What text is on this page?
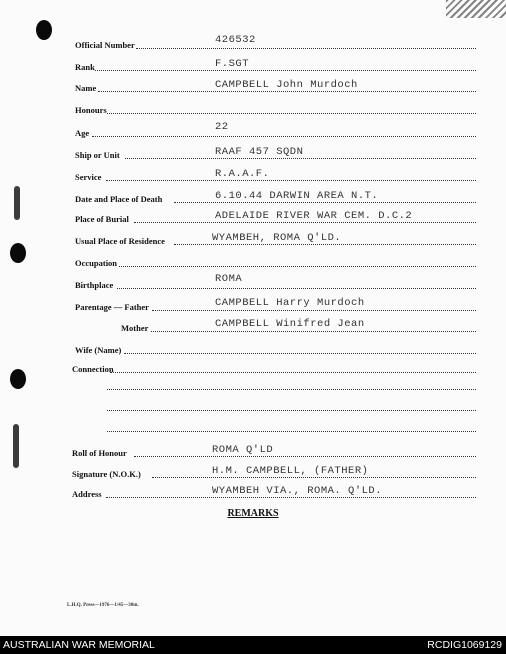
Official Number	426532
Rank	F.SGT
Name	CAMPBELL John Murdoch
Honours
Age	22
Ship or Unit	RAAF 457 SQDN
Service	R.A.A.F.
Date and Place of Death	6.10.44 DARWIN AREA N.T.
Place of Burial	ADELAIDE RIVER WAR CEM. D.C.2
Usual Place of Residence	WYAMBEH, ROMA Q'LD.
Occupation
Birthplace	ROMA
Parentage — Father	CAMPBELL Harry Murdoch
Mother	CAMPBELL Winifred Jean
Wife (Name)
Connection
Roll of Honour	ROMA Q'LD
Signature (N.O.K.)	H.M. CAMPBELL, (FATHER)
Address	WYAMBEH VIA., ROMA. Q'LD.
REMARKS
L.H.Q. Press—1976—1/45—30m.
AUSTRALIAN WAR MEMORIAL	RCDIG1069129
